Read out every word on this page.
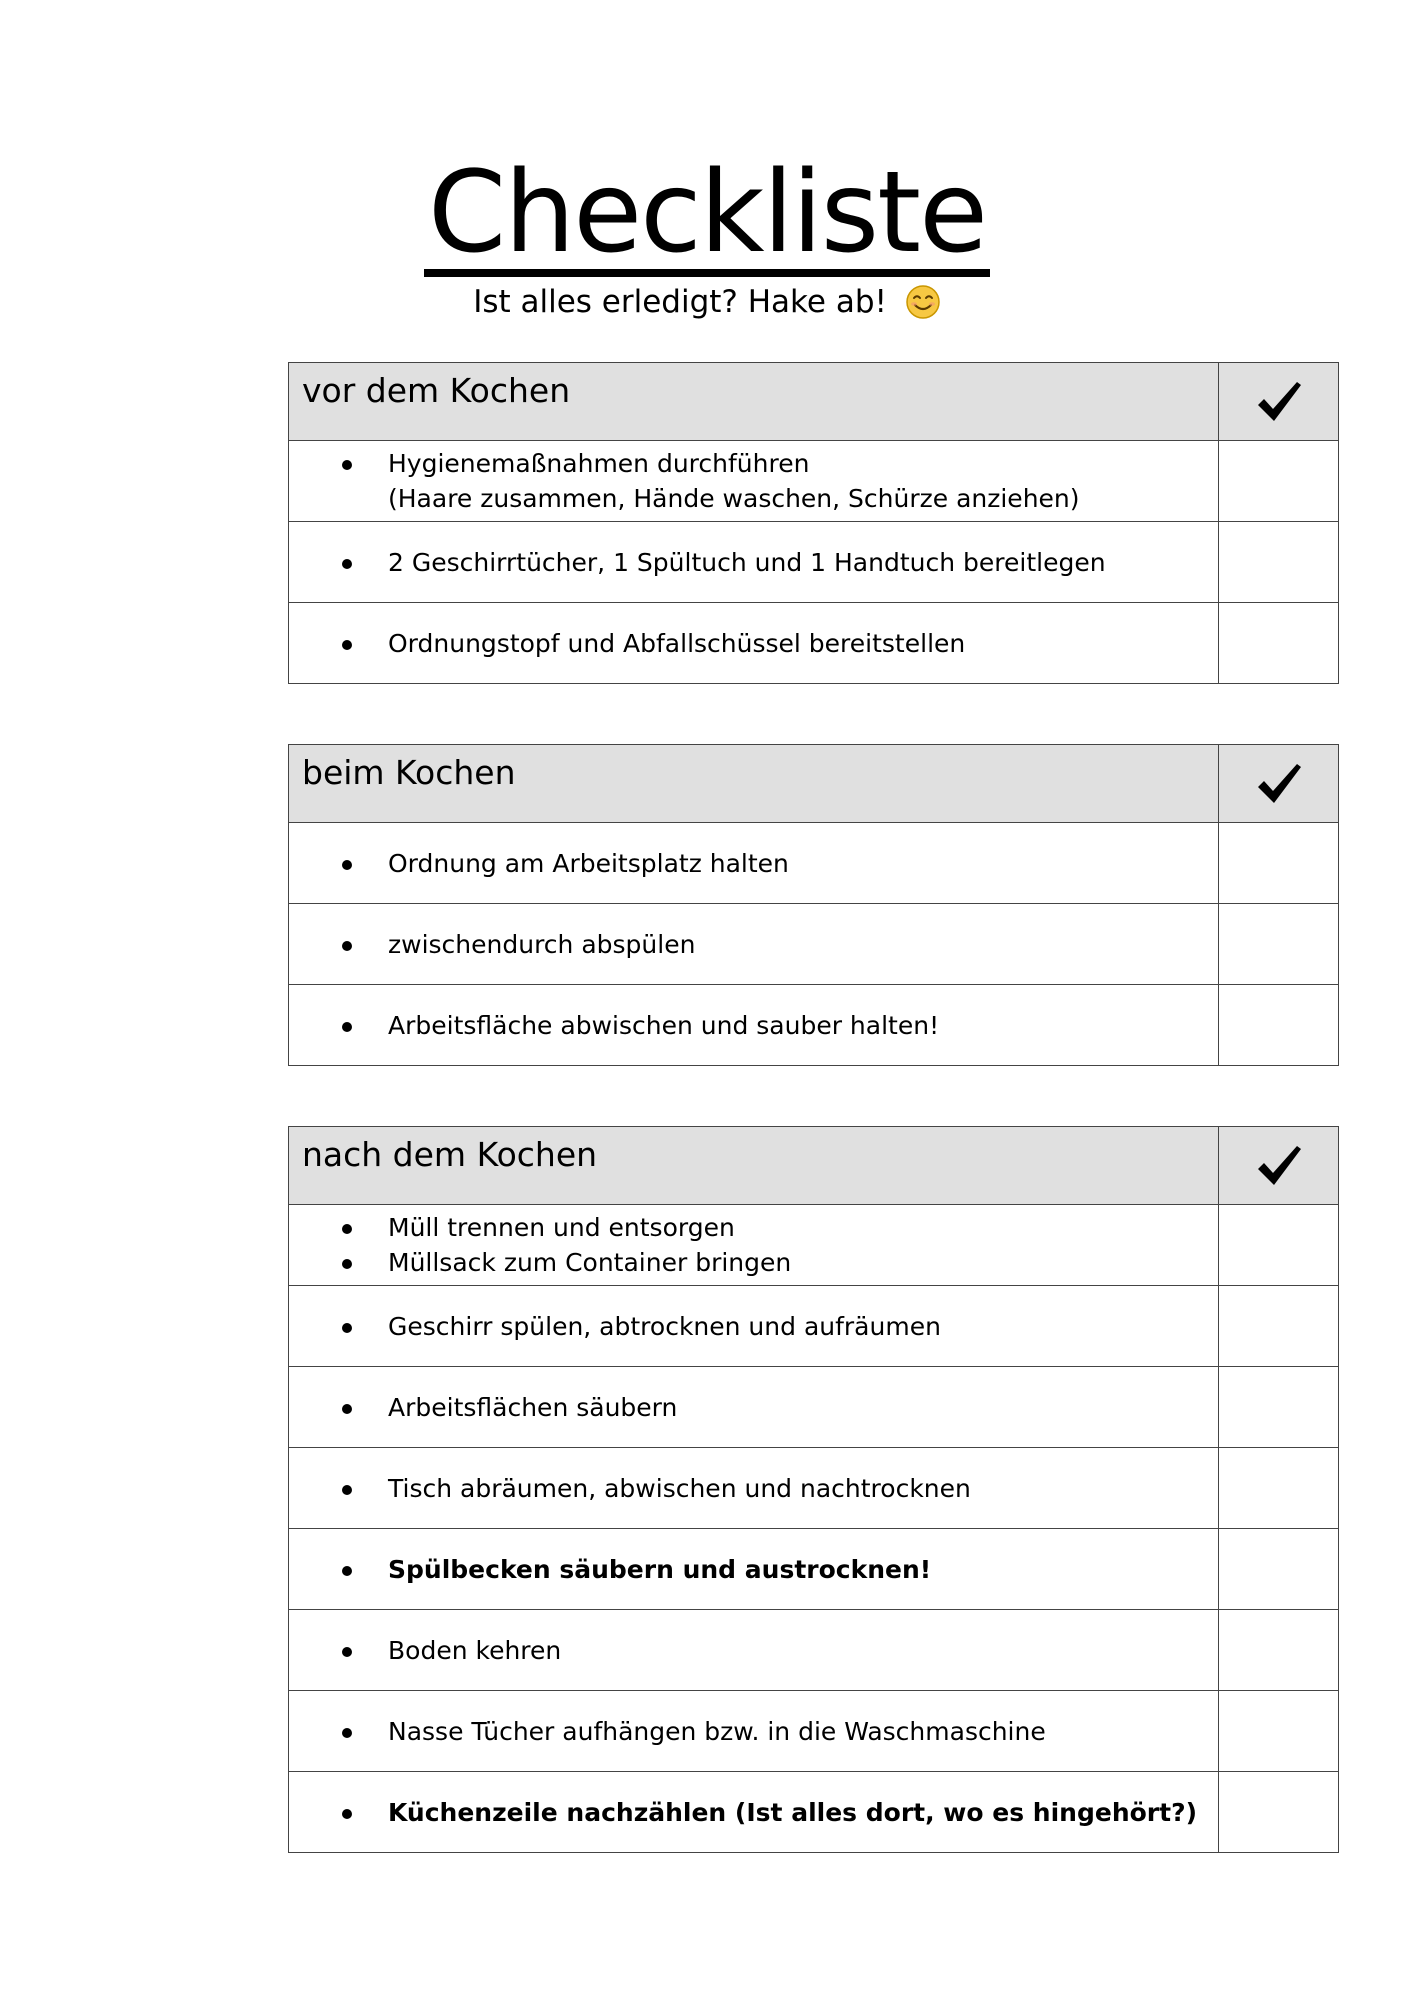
Checkliste
Ist alles erledigt? Hake ab!
vor dem Kochen	

Hygienemaßnahmen durchführen
(Haare zusammen, Hände waschen, Schürze anziehen)	

2 Geschirrtücher, 1 Spültuch und 1 Handtuch bereitlegen	

Ordnungstopf und Abfallschüssel bereitstellen	

beim Kochen	

Ordnung am Arbeitsplatz halten	

zwischendurch abspülen	

Arbeitsfläche abwischen und sauber halten!	

nach dem Kochen	

Müll trennen und entsorgen
Müllsack zum Container bringen	

Geschirr spülen, abtrocknen und aufräumen	

Arbeitsflächen säubern	

Tisch abräumen, abwischen und nachtrocknen	

Spülbecken säubern und austrocknen!	

Boden kehren	

Nasse Tücher aufhängen bzw. in die Waschmaschine	

Küchenzeile nachzählen (Ist alles dort, wo es hingehört?)	
